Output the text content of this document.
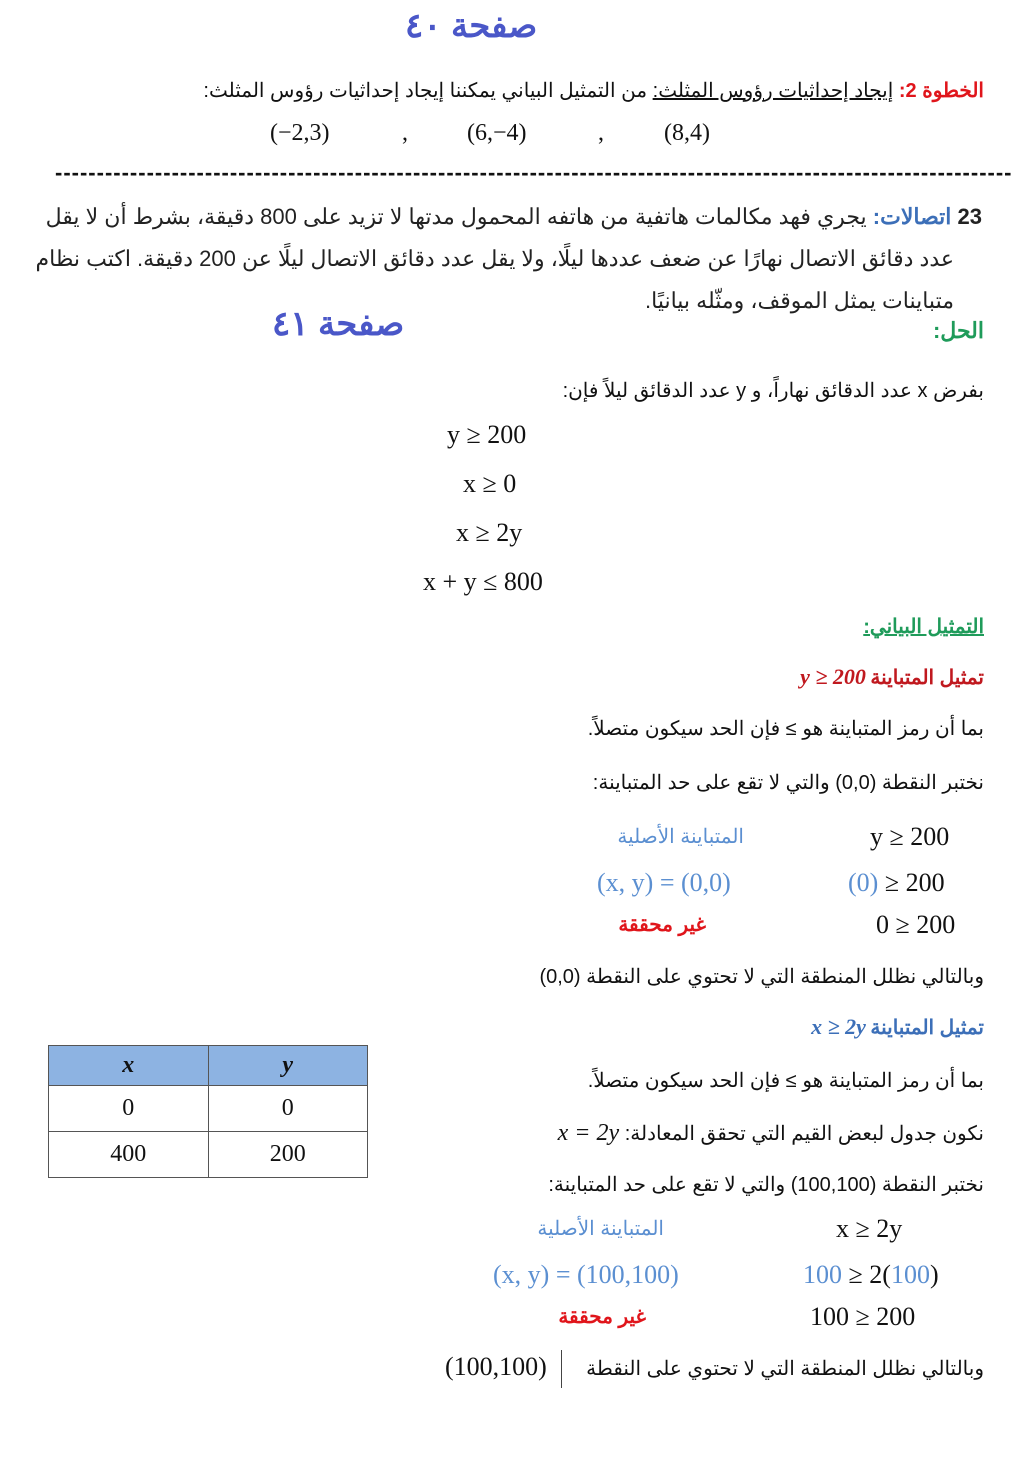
صفحة ٤٠
الخطوة 2: إيجاد إحداثيات رؤوس المثلث: من التمثيل البياني يمكننا إيجاد إحداثيات رؤوس المثلث:
(−2,3)	, (6,−4)	,	(8,4)
-------------------------------------------------------------------------------------------------------------------
23 اتصالات: يجري فهد مكالمات هاتفية من هاتفه المحمول مدتها لا تزيد على 800 دقيقة، بشرط أن لا يقل
عدد دقائق الاتصال نهارًا عن ضعف عددها ليلًا، ولا يقل عدد دقائق الاتصال ليلًا عن 200 دقيقة. اكتب نظام
متباينات يمثل الموقف، ومثّله بيانيًا.
صفحة ٤١	الحل:
بفرض x عدد الدقائق نهاراً، و y عدد الدقائق ليلاً فإن:
y ≥ 200
x ≥ 0
x ≥ 2y
x + y ≤ 800
التمثيل البياني:
تمثيل المتباينة y ≥ 200
بما أن رمز المتباينة هو ≥ فإن الحد سيكون متصلاً.
نختبر النقطة (0,0) والتي لا تقع على حد المتباينة:
المتباينة الأصلية	y ≥ 200
(x, y) = (0,0)	(0) ≥ 200
غير محققة	0 ≥ 200
وبالتالي نظلل المنطقة التي لا تحتوي على النقطة (0,0)
تمثيل المتباينة x ≥ 2y
بما أن رمز المتباينة هو ≥ فإن الحد سيكون متصلاً.
نكون جدول لبعض القيم التي تحقق المعادلة: x = 2y
نختبر النقطة (100,100) والتي لا تقع على حد المتباينة:
المتباينة الأصلية	x ≥ 2y
(x, y) = (100,100)	100 ≥ 2(100)
غير محققة	100 ≥ 200
وبالتالي نظلل المنطقة التي لا تحتوي على النقطة
(100,100)
x	y
0	0
400	200
